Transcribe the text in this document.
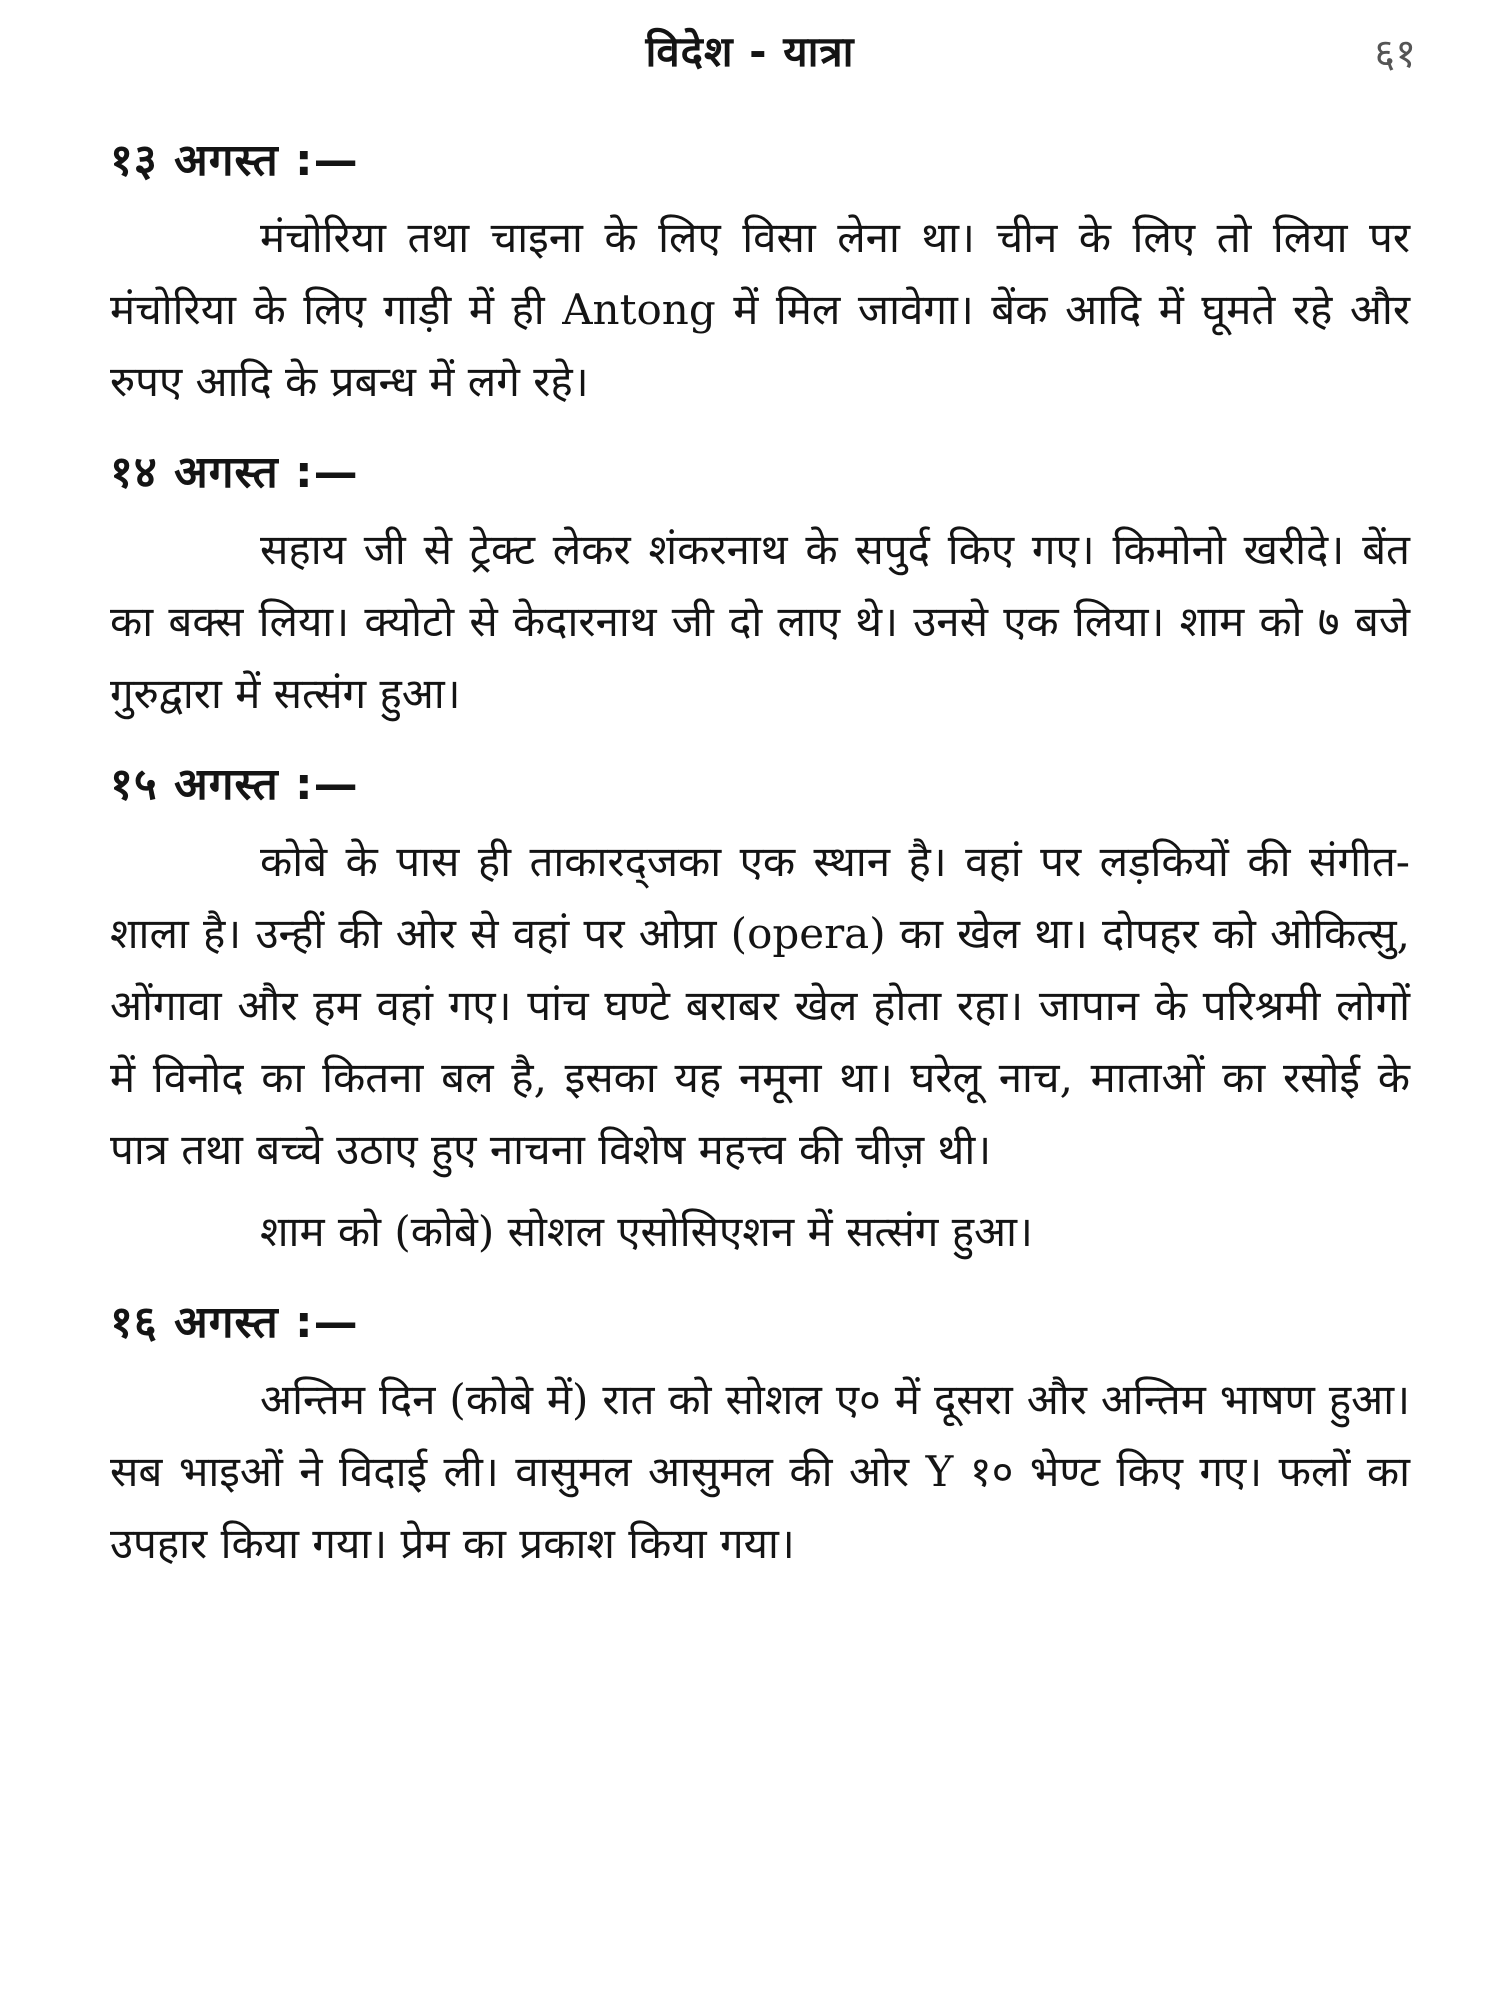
विदेश - यात्रा	६१
१३ अगस्त :—

मंचोरिया तथा चाइना के लिए विसा लेना था। चीन के लिए तो लिया पर मंचोरिया के लिए गाड़ी में ही Antong में मिल जावेगा। बेंक आदि में घूमते रहे और रुपए आदि के प्रबन्ध में लगे रहे।

१४ अगस्त :—

सहाय जी से ट्रेक्ट लेकर शंकरनाथ के सपुर्द किए गए। किमोनो खरीदे। बेंत का बक्स लिया। क्योटो से केदारनाथ जी दो लाए थे। उनसे एक लिया। शाम को ७ बजे गुरुद्वारा में सत्संग हुआ।

१५ अगस्त :—

कोबे के पास ही ताकारद्जका एक स्थान है। वहां पर लड़कियों की संगीत-शाला है। उन्हीं की ओर से वहां पर ओप्रा (opera) का खेल था। दोपहर को ओकित्सु, ओंगावा और हम वहां गए। पांच घण्टे बराबर खेल होता रहा। जापान के परिश्रमी लोगों में विनोद का कितना बल है, इसका यह नमूना था। घरेलू नाच, माताओं का रसोई के पात्र तथा बच्चे उठाए हुए नाचना विशेष महत्त्व की चीज़ थी।

शाम को (कोबे) सोशल एसोसिएशन में सत्संग हुआ।

१६ अगस्त :—

अन्तिम दिन (कोबे में) रात को सोशल ए० में दूसरा और अन्तिम भाषण हुआ। सब भाइओं ने विदाई ली। वासुमल आसुमल की ओर Y १० भेण्ट किए गए। फलों का उपहार किया गया। प्रेम का प्रकाश किया गया।
